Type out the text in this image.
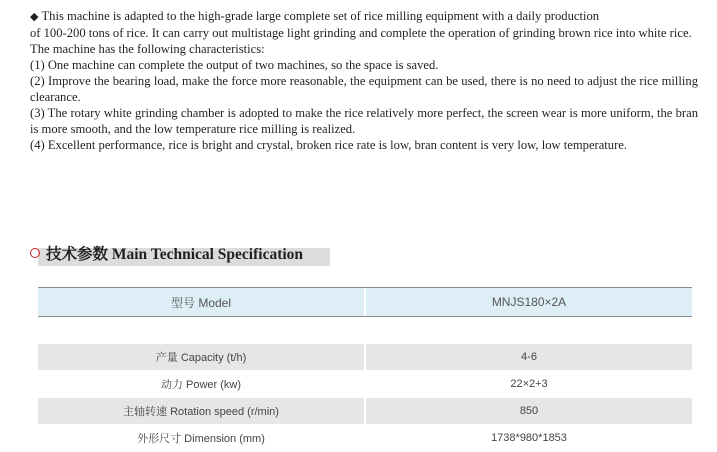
◆ This machine is adapted to the high-grade large complete set of rice milling equipment with a daily production

of 100-200 tons of rice. It can carry out multistage light grinding and complete the operation of grinding brown rice into white rice.

The machine has the following characteristics:

(1) One machine can complete the output of two machines, so the space is saved.

(2) Improve the bearing load, make the force more reasonable, the equipment can be used, there is no need to adjust the rice milling clearance.

(3) The rotary white grinding chamber is adopted to make the rice relatively more perfect, the screen wear is more uniform, the bran is more smooth, and the low temperature rice milling is realized.

(4) Excellent performance, rice is bright and crystal, broken rice rate is low, bran content is very low, low temperature.

技术参数 Main Technical Specification
型号 Model	MNJS180×2A
产量 Capacity (t/h)	4-6
动力 Power (kw)	22×2+3
主轴转速 Rotation speed (r/min)	850
外形尺寸 Dimension (mm)	1738*980*1853
